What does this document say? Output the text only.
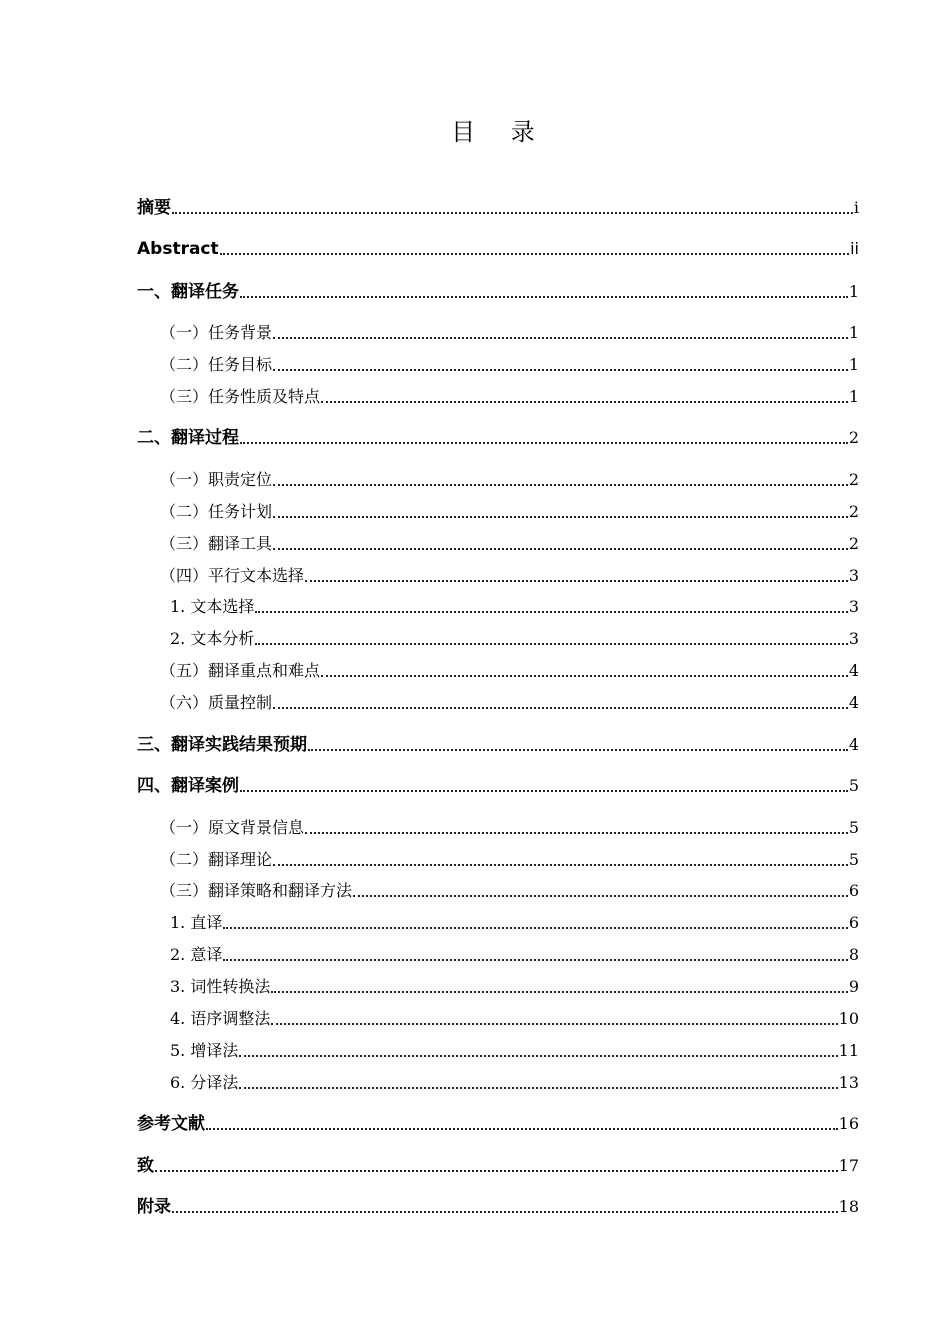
目 录
摘要	i
Abstract	ii
一、翻译任务	1
（一）任务背景	1
（二）任务目标	1
（三）任务性质及特点	1
二、翻译过程	2
（一）职责定位	2
（二）任务计划	2
（三）翻译工具	2
（四）平行文本选择	3
1. 文本选择	3
2. 文本分析	3
（五）翻译重点和难点	4
（六）质量控制	4
三、翻译实践结果预期	4
四、翻译案例	5
（一）原文背景信息	5
（二）翻译理论	5
（三）翻译策略和翻译方法	6
1. 直译	6
2. 意译	8
3. 词性转换法	9
4. 语序调整法	10
5. 增译法	11
6. 分译法	13
参考文献	16
致	17
附录	18
